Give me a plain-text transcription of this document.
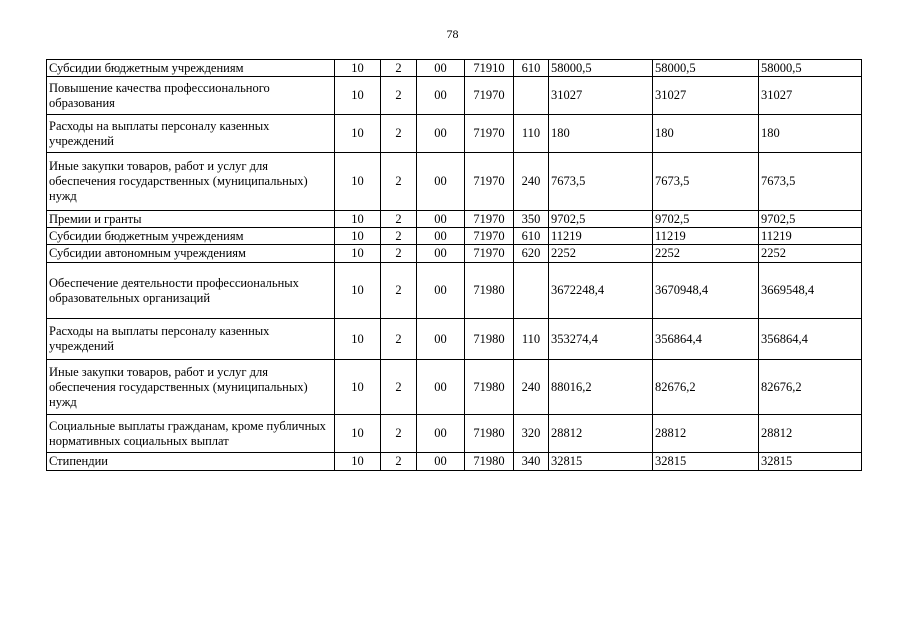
78
Субсидии бюджетным учреждениям	10	2	00	71910	610	58000,5	58000,5	58000,5
Повышение качества профессионального образования	10	2	00	71970		31027	31027	31027
Расходы на выплаты персоналу казенных учреждений	10	2	00	71970	110	180	180	180
Иные закупки товаров, работ и услуг для обеспечения государственных (муниципальных) нужд	10	2	00	71970	240	7673,5	7673,5	7673,5
Премии и гранты	10	2	00	71970	350	9702,5	9702,5	9702,5
Субсидии бюджетным учреждениям	10	2	00	71970	610	11219	11219	11219
Субсидии автономным учреждениям	10	2	00	71970	620	2252	2252	2252
Обеспечение деятельности профессиональных образовательных организаций	10	2	00	71980		3672248,4	3670948,4	3669548,4
Расходы на выплаты персоналу казенных учреждений	10	2	00	71980	110	353274,4	356864,4	356864,4
Иные закупки товаров, работ и услуг для обеспечения государственных (муниципальных) нужд	10	2	00	71980	240	88016,2	82676,2	82676,2
Социальные выплаты гражданам, кроме публичных нормативных социальных выплат	10	2	00	71980	320	28812	28812	28812
Стипендии	10	2	00	71980	340	32815	32815	32815
